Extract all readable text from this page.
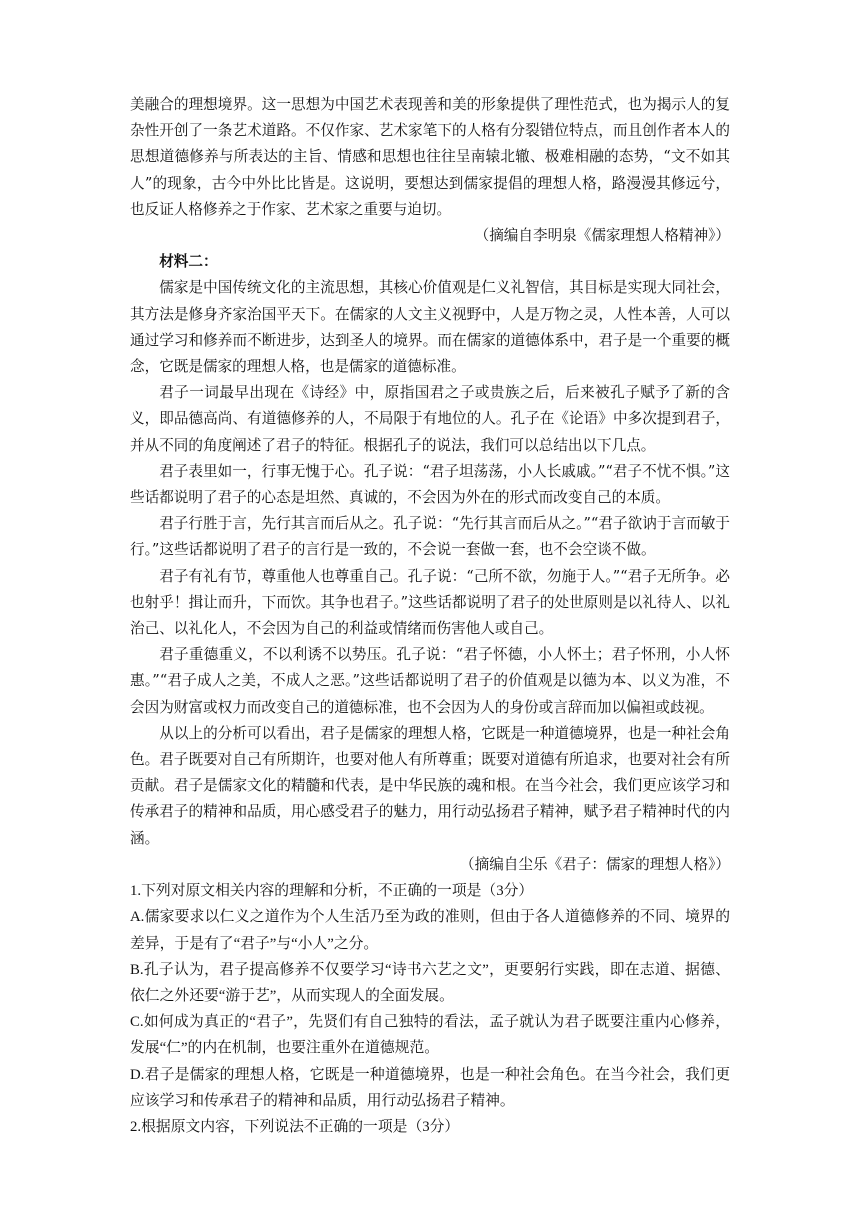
美融合的理想境界。这一思想为中国艺术表现善和美的形象提供了理性范式，也为揭示人的复杂性开创了一条艺术道路。不仅作家、艺术家笔下的人格有分裂错位特点，而且创作者本人的思想道德修养与所表达的主旨、情感和思想也往往呈南辕北辙、极难相融的态势，“文不如其人”的现象，古今中外比比皆是。这说明，要想达到儒家提倡的理想人格，路漫漫其修远兮，也反证人格修养之于作家、艺术家之重要与迫切。

（摘编自李明泉《儒家理想人格精神》）

材料二：

儒家是中国传统文化的主流思想，其核心价值观是仁义礼智信，其目标是实现大同社会，其方法是修身齐家治国平天下。在儒家的人文主义视野中，人是万物之灵，人性本善，人可以通过学习和修养而不断进步，达到圣人的境界。而在儒家的道德体系中，君子是一个重要的概念，它既是儒家的理想人格，也是儒家的道德标准。

君子一词最早出现在《诗经》中，原指国君之子或贵族之后，后来被孔子赋予了新的含义，即品德高尚、有道德修养的人，不局限于有地位的人。孔子在《论语》中多次提到君子，并从不同的角度阐述了君子的特征。根据孔子的说法，我们可以总结出以下几点。

君子表里如一，行事无愧于心。孔子说：“君子坦荡荡，小人长戚戚。”“君子不忧不惧。”这些话都说明了君子的心态是坦然、真诚的，不会因为外在的形式而改变自己的本质。

君子行胜于言，先行其言而后从之。孔子说：“先行其言而后从之。”“君子欲讷于言而敏于行。”这些话都说明了君子的言行是一致的，不会说一套做一套，也不会空谈不做。

君子有礼有节，尊重他人也尊重自己。孔子说：“己所不欲，勿施于人。”“君子无所争。必也射乎！揖让而升，下而饮。其争也君子。”这些话都说明了君子的处世原则是以礼待人、以礼治己、以礼化人，不会因为自己的利益或情绪而伤害他人或自己。

君子重德重义，不以利诱不以势压。孔子说：“君子怀德，小人怀土；君子怀刑，小人怀惠。”“君子成人之美，不成人之恶。”这些话都说明了君子的价值观是以德为本、以义为准，不会因为财富或权力而改变自己的道德标准，也不会因为人的身份或言辞而加以偏袒或歧视。

从以上的分析可以看出，君子是儒家的理想人格，它既是一种道德境界，也是一种社会角色。君子既要对自己有所期许，也要对他人有所尊重；既要对道德有所追求，也要对社会有所贡献。君子是儒家文化的精髓和代表，是中华民族的魂和根。在当今社会，我们更应该学习和传承君子的精神和品质，用心感受君子的魅力，用行动弘扬君子精神，赋予君子精神时代的内涵。

（摘编自尘乐《君子：儒家的理想人格》）

1.下列对原文相关内容的理解和分析，不正确的一项是（3分）

A.儒家要求以仁义之道作为个人生活乃至为政的准则，但由于各人道德修养的不同、境界的差异，于是有了“君子”与“小人”之分。

B.孔子认为，君子提高修养不仅要学习“诗书六艺之文”，更要躬行实践，即在志道、据德、依仁之外还要“游于艺”，从而实现人的全面发展。

C.如何成为真正的“君子”，先贤们有自己独特的看法，孟子就认为君子既要注重内心修养，发展“仁”的内在机制，也要注重外在道德规范。

D.君子是儒家的理想人格，它既是一种道德境界，也是一种社会角色。在当今社会，我们更应该学习和传承君子的精神和品质，用行动弘扬君子精神。

2.根据原文内容，下列说法不正确的一项是（3分）
